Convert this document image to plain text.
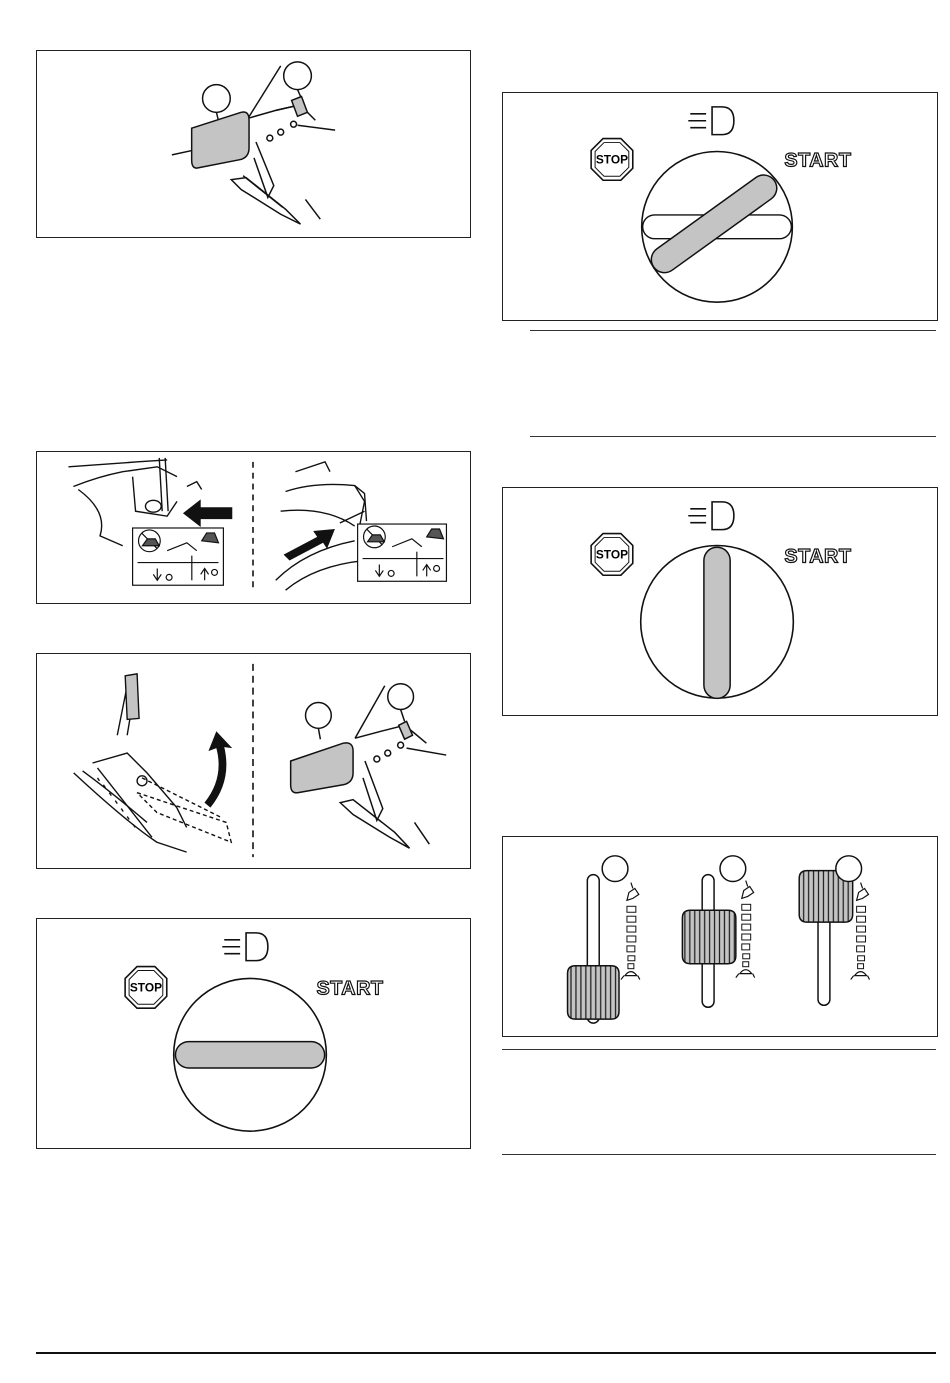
STOP	START
STOP	START
STOP	START
